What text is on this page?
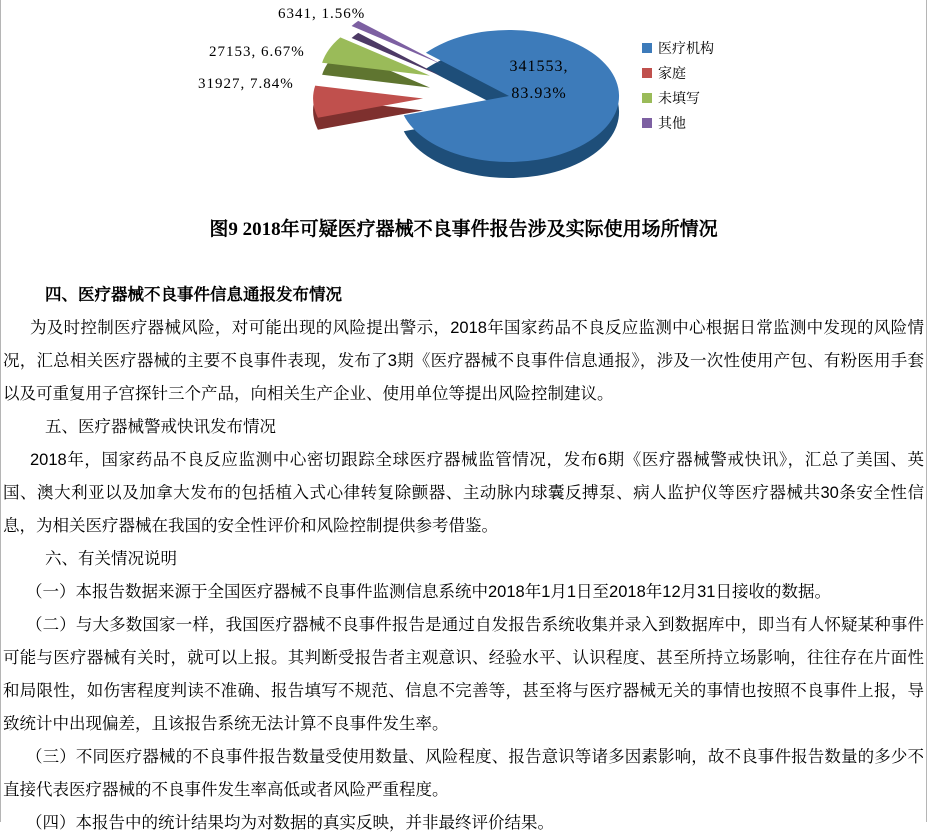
6341, 1.56%
27153, 6.67%
31927, 7.84%
341553,
83.93%
医疗机构
家庭
未填写
其他
图9 2018年可疑医疗器械不良事件报告涉及实际使用场所情况

四、医疗器械不良事件信息通报发布情况

为及时控制医疗器械风险，对可能出现的风险提出警示，2018年国家药品不良反应监测中心根据日常监测中发现的风险情况，汇总相关医疗器械的主要不良事件表现，发布了3期《医疗器械不良事件信息通报》，涉及一次性使用产包、有粉医用手套以及可重复用子宫探针三个产品，向相关生产企业、使用单位等提出风险控制建议。

五、医疗器械警戒快讯发布情况

2018年，国家药品不良反应监测中心密切跟踪全球医疗器械监管情况，发布6期《医疗器械警戒快讯》，汇总了美国、英国、澳大利亚以及加拿大发布的包括植入式心律转复除颤器、主动脉内球囊反搏泵、病人监护仪等医疗器械共30条安全性信息，为相关医疗器械在我国的安全性评价和风险控制提供参考借鉴。

六、有关情况说明

（一）本报告数据来源于全国医疗器械不良事件监测信息系统中2018年1月1日至2018年12月31日接收的数据。

（二）与大多数国家一样，我国医疗器械不良事件报告是通过自发报告系统收集并录入到数据库中，即当有人怀疑某种事件可能与医疗器械有关时，就可以上报。其判断受报告者主观意识、经验水平、认识程度、甚至所持立场影响，往往存在片面性和局限性，如伤害程度判读不准确、报告填写不规范、信息不完善等，甚至将与医疗器械无关的事情也按照不良事件上报，导致统计中出现偏差，且该报告系统无法计算不良事件发生率。

（三）不同医疗器械的不良事件报告数量受使用数量、风险程度、报告意识等诸多因素影响，故不良事件报告数量的多少不直接代表医疗器械的不良事件发生率高低或者风险严重程度。

（四）本报告中的统计结果均为对数据的真实反映，并非最终评价结果。
